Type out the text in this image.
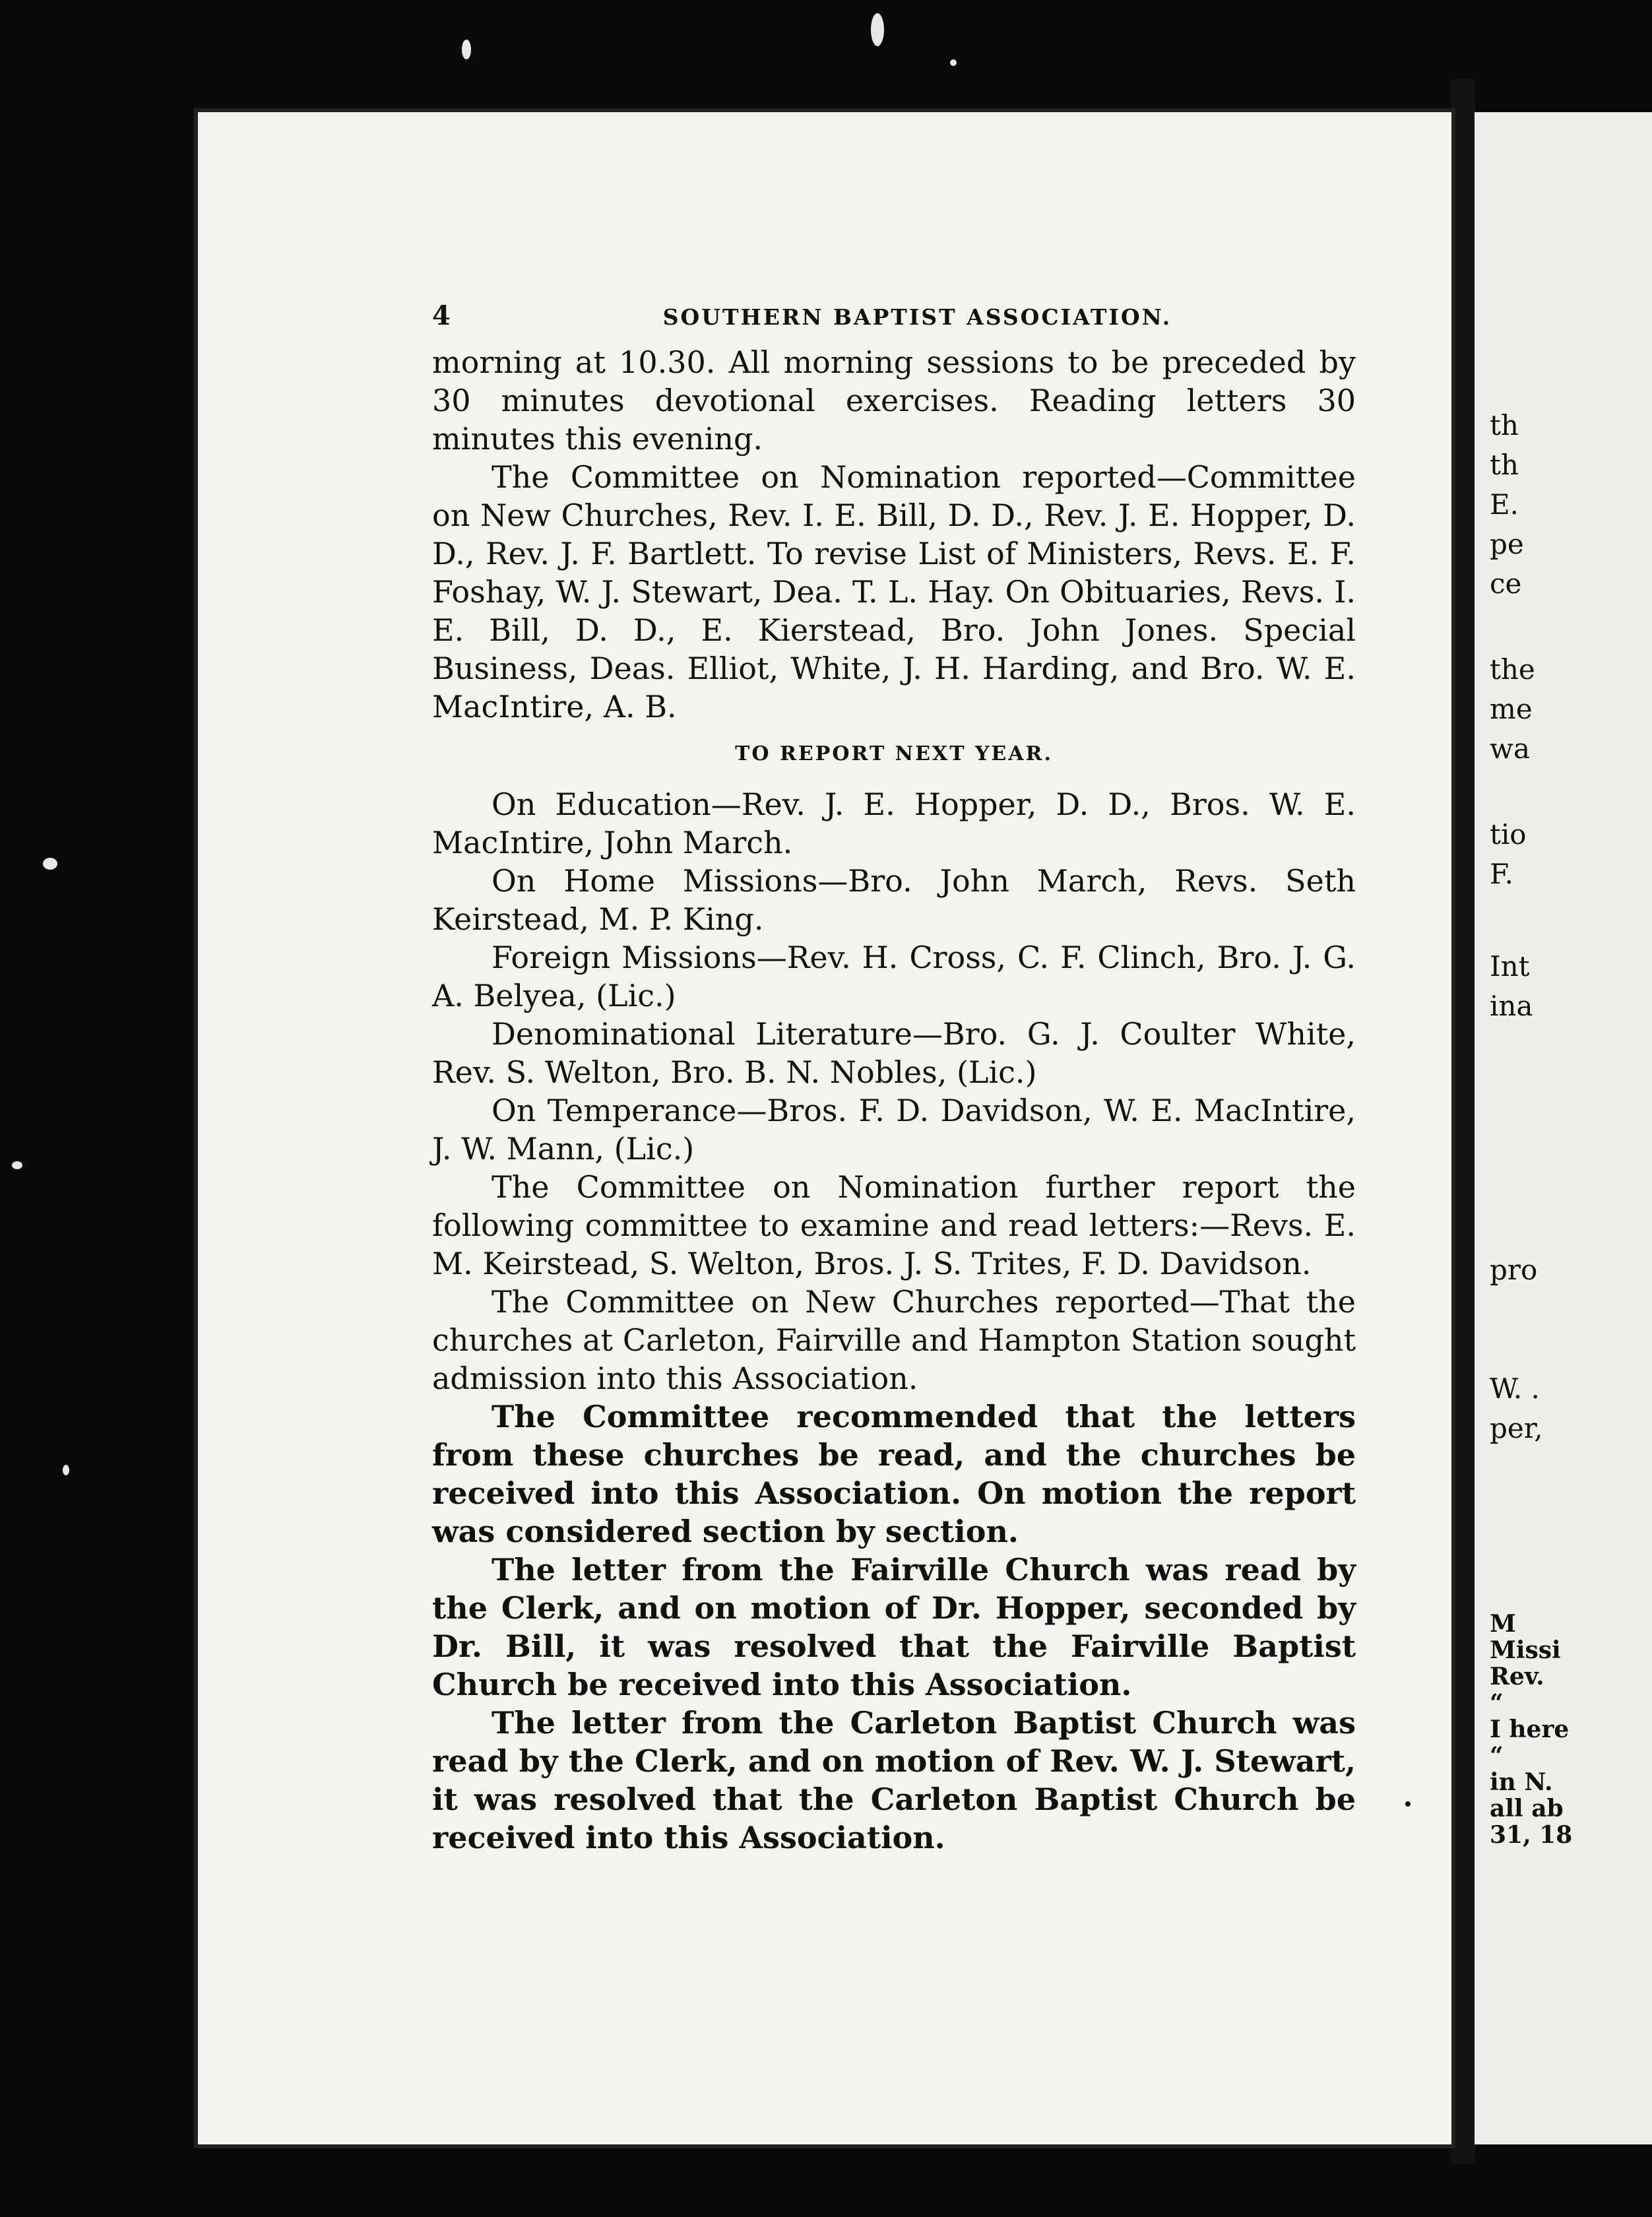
4	SOUTHERN BAPTIST ASSOCIATION.

morning at 10.30. All morning sessions to be preceded by 30 minutes devotional exercises. Reading letters 30 minutes this evening.

The Committee on Nomination reported—Committee on New Churches, Rev. I. E. Bill, D. D., Rev. J. E. Hopper, D. D., Rev. J. F. Bartlett. To revise List of Ministers, Revs. E. F. Foshay, W. J. Stewart, Dea. T. L. Hay. On Obituaries, Revs. I. E. Bill, D. D., E. Kierstead, Bro. John Jones. Special Business, Deas. Elliot, White, J. H. Harding, and Bro. W. E. MacIntire, A. B.

TO REPORT NEXT YEAR.

On Education—Rev. J. E. Hopper, D. D., Bros. W. E. MacIntire, John March.

On Home Missions—Bro. John March, Revs. Seth Keirstead, M. P. King.

Foreign Missions—Rev. H. Cross, C. F. Clinch, Bro. J. G. A. Belyea, (Lic.)

Denominational Literature—Bro. G. J. Coulter White, Rev. S. Welton, Bro. B. N. Nobles, (Lic.)

On Temperance—Bros. F. D. Davidson, W. E. MacIntire, J. W. Mann, (Lic.)

The Committee on Nomination further report the following committee to examine and read letters:—Revs. E. M. Keirstead, S. Welton, Bros. J. S. Trites, F. D. Davidson.

The Committee on New Churches reported—That the churches at Carleton, Fairville and Hampton Station sought admission into this Association.

The Committee recommended that the letters from these churches be read, and the churches be received into this Association. On motion the report was considered section by section.

The letter from the Fairville Church was read by the Clerk, and on motion of Dr. Hopper, seconded by Dr. Bill, it was resolved that the Fairville Baptist Church be received into this Association.

The letter from the Carleton Baptist Church was read by the Clerk, and on motion of Rev. W. J. Stewart, it was resolved that the Carleton Baptist Church be received into this Association.

th
th
E.
pe
ce
the
me
wa
tio
F.
Int
ina
pro
W. .
per,
M
Missi
Rev.
“
I here
“
in N.
all ab
31, 18
